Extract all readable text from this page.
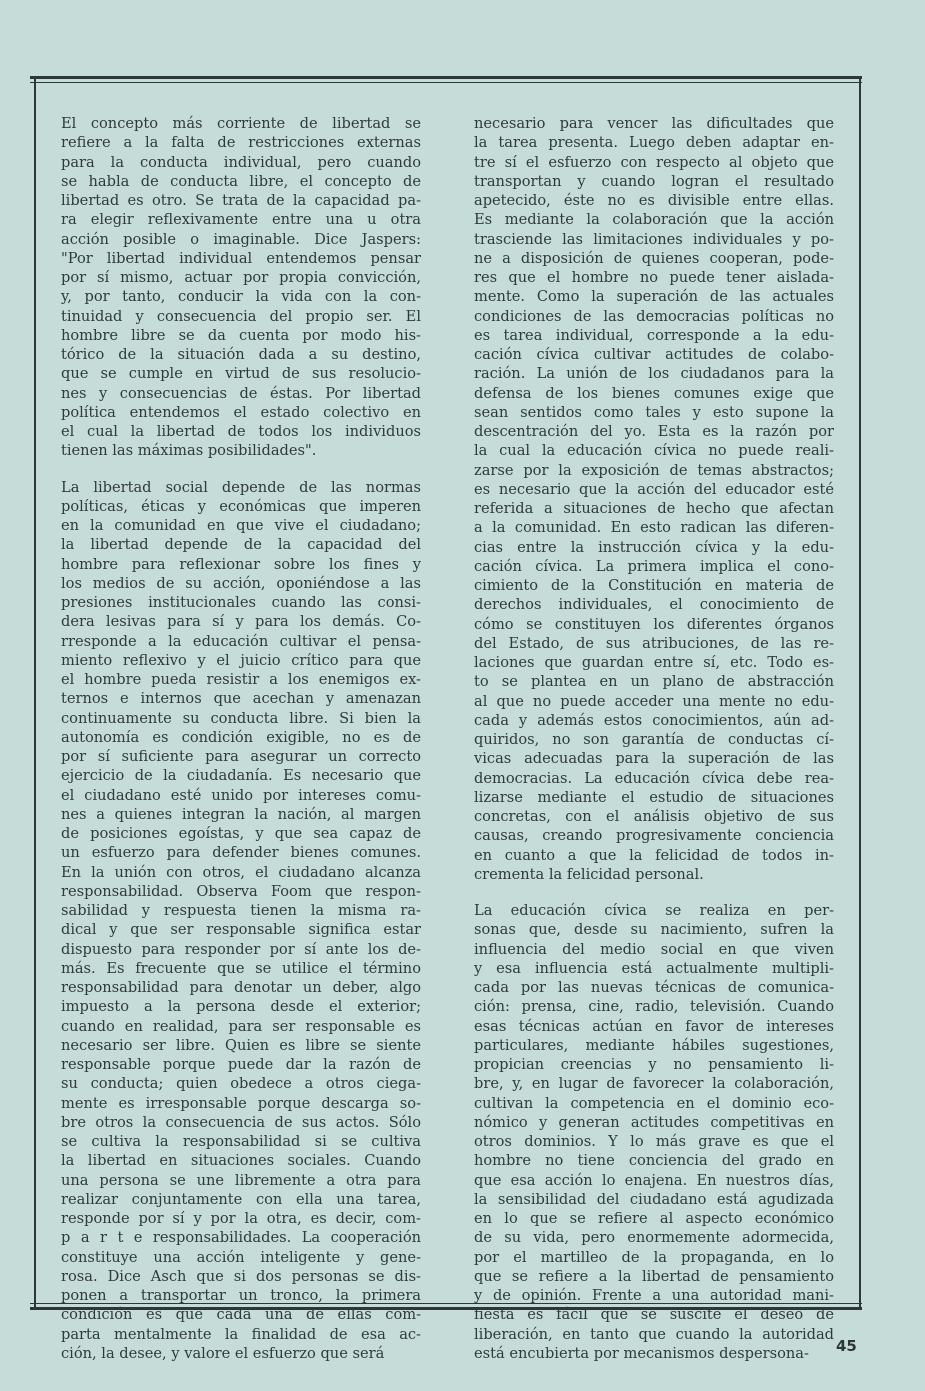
El concepto más corriente de libertad se
refiere a la falta de restricciones externas
para la conducta individual, pero cuando
se habla de conducta libre, el concepto de
libertad es otro. Se trata de la capacidad pa-
ra elegir reflexivamente entre una u otra
acción posible o imaginable. Dice Jaspers:
"Por libertad individual entendemos pensar
por sí mismo, actuar por propia convicción,
y, por tanto, conducir la vida con la con-
tinuidad y consecuencia del propio ser. El
hombre libre se da cuenta por modo his-
tórico de la situación dada a su destino,
que se cumple en virtud de sus resolucio-
nes y consecuencias de éstas. Por libertad
política entendemos el estado colectivo en
el cual la libertad de todos los individuos
tienen las máximas posibilidades".
La libertad social depende de las normas
políticas, éticas y económicas que imperen
en la comunidad en que vive el ciudadano;
la libertad depende de la capacidad del
hombre para reflexionar sobre los fines y
los medios de su acción, oponiéndose a las
presiones institucionales cuando las consi-
dera lesivas para sí y para los demás. Co-
rresponde a la educación cultivar el pensa-
miento reflexivo y el juicio crítico para que
el hombre pueda resistir a los enemigos ex-
ternos e internos que acechan y amenazan
continuamente su conducta libre. Si bien la
autonomía es condición exigible, no es de
por sí suficiente para asegurar un correcto
ejercicio de la ciudadanía. Es necesario que
el ciudadano esté unido por intereses comu-
nes a quienes integran la nación, al margen
de posiciones egoístas, y que sea capaz de
un esfuerzo para defender bienes comunes.
En la unión con otros, el ciudadano alcanza
responsabilidad. Observa Foom que respon-
sabilidad y respuesta tienen la misma ra-
dical y que ser responsable significa estar
dispuesto para responder por sí ante los de-
más. Es frecuente que se utilice el término
responsabilidad para denotar un deber, algo
impuesto a la persona desde el exterior;
cuando en realidad, para ser responsable es
necesario ser libre. Quien es libre se siente
responsable porque puede dar la razón de
su conducta; quien obedece a otros ciega-
mente es irresponsable porque descarga so-
bre otros la consecuencia de sus actos. Sólo
se cultiva la responsabilidad si se cultiva
la libertad en situaciones sociales. Cuando
una persona se une libremente a otra para
realizar conjuntamente con ella una tarea,
responde por sí y por la otra, es decir, com-
p a r t e responsabilidades. La cooperación
constituye una acción inteligente y gene-
rosa. Dice Asch que si dos personas se dis-
ponen a transportar un tronco, la primera
condición es que cada una de ellas com-
parta mentalmente la finalidad de esa ac-
ción, la desee, y valore el esfuerzo que será
necesario para vencer las dificultades que
la tarea presenta. Luego deben adaptar en-
tre sí el esfuerzo con respecto al objeto que
transportan y cuando logran el resultado
apetecido, éste no es divisible entre ellas.
Es mediante la colaboración que la acción
trasciende las limitaciones individuales y po-
ne a disposición de quienes cooperan, pode-
res que el hombre no puede tener aislada-
mente. Como la superación de las actuales
condiciones de las democracias políticas no
es tarea individual, corresponde a la edu-
cación cívica cultivar actitudes de colabo-
ración. La unión de los ciudadanos para la
defensa de los bienes comunes exige que
sean sentidos como tales y esto supone la
descentración del yo. Esta es la razón por
la cual la educación cívica no puede reali-
zarse por la exposición de temas abstractos;
es necesario que la acción del educador esté
referida a situaciones de hecho que afectan
a la comunidad. En esto radican las diferen-
cias entre la instrucción cívica y la edu-
cación cívica. La primera implica el cono-
cimiento de la Constitución en materia de
derechos individuales, el conocimiento de
cómo se constituyen los diferentes órganos
del Estado, de sus atribuciones, de las re-
laciones que guardan entre sí, etc. Todo es-
to se plantea en un plano de abstracción
al que no puede acceder una mente no edu-
cada y además estos conocimientos, aún ad-
quiridos, no son garantía de conductas cí-
vicas adecuadas para la superación de las
democracias. La educación cívica debe rea-
lizarse mediante el estudio de situaciones
concretas, con el análisis objetivo de sus
causas, creando progresivamente conciencia
en cuanto a que la felicidad de todos in-
crementa la felicidad personal.
La educación cívica se realiza en per-
sonas que, desde su nacimiento, sufren la
influencia del medio social en que viven
y esa influencia está actualmente multipli-
cada por las nuevas técnicas de comunica-
ción: prensa, cine, radio, televisión. Cuando
esas técnicas actúan en favor de intereses
particulares, mediante hábiles sugestiones,
propician creencias y no pensamiento li-
bre, y, en lugar de favorecer la colaboración,
cultivan la competencia en el dominio eco-
nómico y generan actitudes competitivas en
otros dominios. Y lo más grave es que el
hombre no tiene conciencia del grado en
que esa acción lo enajena. En nuestros días,
la sensibilidad del ciudadano está agudizada
en lo que se refiere al aspecto económico
de su vida, pero enormemente adormecida,
por el martilleo de la propaganda, en lo
que se refiere a la libertad de pensamiento
y de opinión. Frente a una autoridad mani-
fiesta es fácil que se suscite el deseo de
liberación, en tanto que cuando la autoridad
está encubierta por mecanismos despersona-	45
